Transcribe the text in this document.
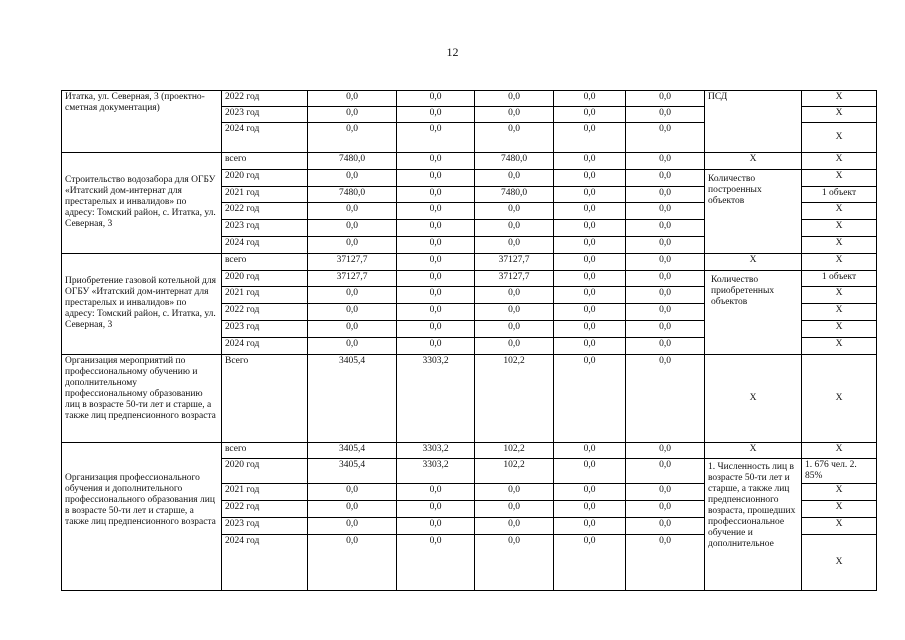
12
Итатка, ул. Северная, 3 (проектно-сметная документация)	2022 год	0,0	0,0	0,0	0,0	0,0	ПСД	Х
	2023 год	0,0	0,0	0,0	0,0	0,0		Х
	2024 год	0,0	0,0	0,0	0,0	0,0		Х
Строительство водозабора для ОГБУ «Итатский дом-интернат для престарелых и инвалидов» по адресу: Томский район, с. Итатка, ул. Северная, 3	всего	7480,0	0,0	7480,0	0,0	0,0	Х	Х
	2020 год	0,0	0,0	0,0	0,0	0,0	Количество построенных объектов	Х
	2021 год	7480,0	0,0	7480,0	0,0	0,0		1 объект
	2022 год	0,0	0,0	0,0	0,0	0,0		Х
	2023 год	0,0	0,0	0,0	0,0	0,0		Х
	2024 год	0,0	0,0	0,0	0,0	0,0		Х
Приобретение газовой котельной для ОГБУ «Итатский дом-интернат для престарелых и инвалидов» по адресу: Томский район, с. Итатка, ул. Северная, 3	всего	37127,7	0,0	37127,7	0,0	0,0	Х	Х
	2020 год	37127,7	0,0	37127,7	0,0	0,0	Количество приобретенных объектов	1 объект
	2021 год	0,0	0,0	0,0	0,0	0,0		Х
	2022 год	0,0	0,0	0,0	0,0	0,0		Х
	2023 год	0,0	0,0	0,0	0,0	0,0		Х
	2024 год	0,0	0,0	0,0	0,0	0,0		Х
Организация мероприятий по профессиональному обучению и дополнительному профессиональному образованию лиц в возрасте 50-ти лет и старше, а также лиц предпенсионного возраста	Всего	3405,4	3303,2	102,2	0,0	0,0	Х	Х
Организация профессионального обучения и дополнительного профессионального образования лиц в возрасте 50-ти лет и старше, а также лиц предпенсионного возраста	всего	3405,4	3303,2	102,2	0,0	0,0	Х	Х
	2020 год	3405,4	3303,2	102,2	0,0	0,0	1. Численность лиц в возрасте 50-ти лет и старше, а также лиц предпенсионного возраста, прошедших профессиональное обучение и дополнительное	1. 676 чел. 2. 85%
	2021 год	0,0	0,0	0,0	0,0	0,0		Х
	2022 год	0,0	0,0	0,0	0,0	0,0		Х
	2023 год	0,0	0,0	0,0	0,0	0,0		Х
	2024 год	0,0	0,0	0,0	0,0	0,0		Х
